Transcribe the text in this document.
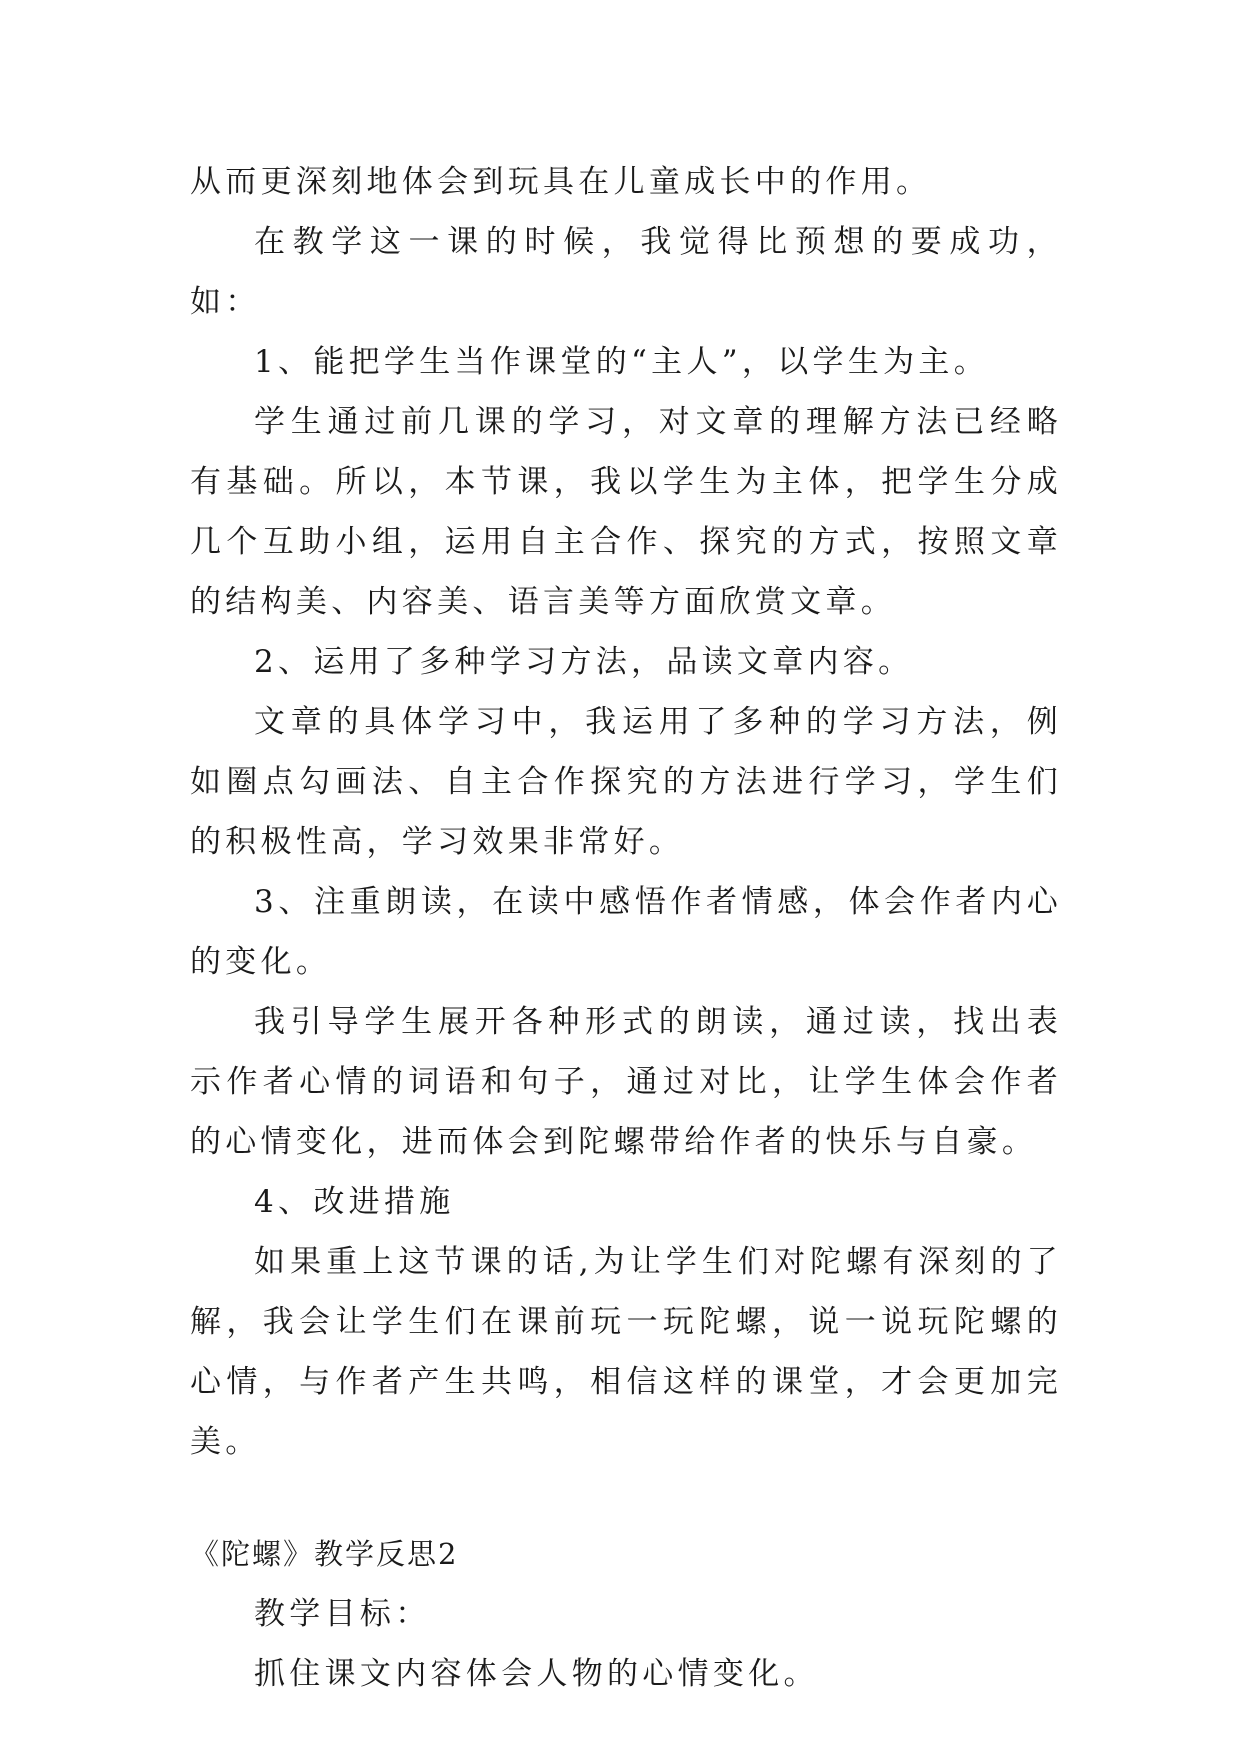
从而更深刻地体会到玩具在儿童成长中的作用。

在教学这一课的时候，我觉得比预想的要成功，如：

1、能把学生当作课堂的“主人”，以学生为主。

学生通过前几课的学习，对文章的理解方法已经略有基础。所以，本节课，我以学生为主体，把学生分成几个互助小组，运用自主合作、探究的方式，按照文章的结构美、内容美、语言美等方面欣赏文章。

2、运用了多种学习方法，品读文章内容。

文章的具体学习中，我运用了多种的学习方法，例如圈点勾画法、自主合作探究的方法进行学习，学生们的积极性高，学习效果非常好。

3、注重朗读，在读中感悟作者情感，体会作者内心的变化。

我引导学生展开各种形式的朗读，通过读，找出表示作者心情的词语和句子，通过对比，让学生体会作者的心情变化，进而体会到陀螺带给作者的快乐与自豪。

4、改进措施

如果重上这节课的话,为让学生们对陀螺有深刻的了解，我会让学生们在课前玩一玩陀螺，说一说玩陀螺的心情，与作者产生共鸣，相信这样的课堂，才会更加完美。

《陀螺》教学反思2

教学目标：

抓住课文内容体会人物的心情变化。
